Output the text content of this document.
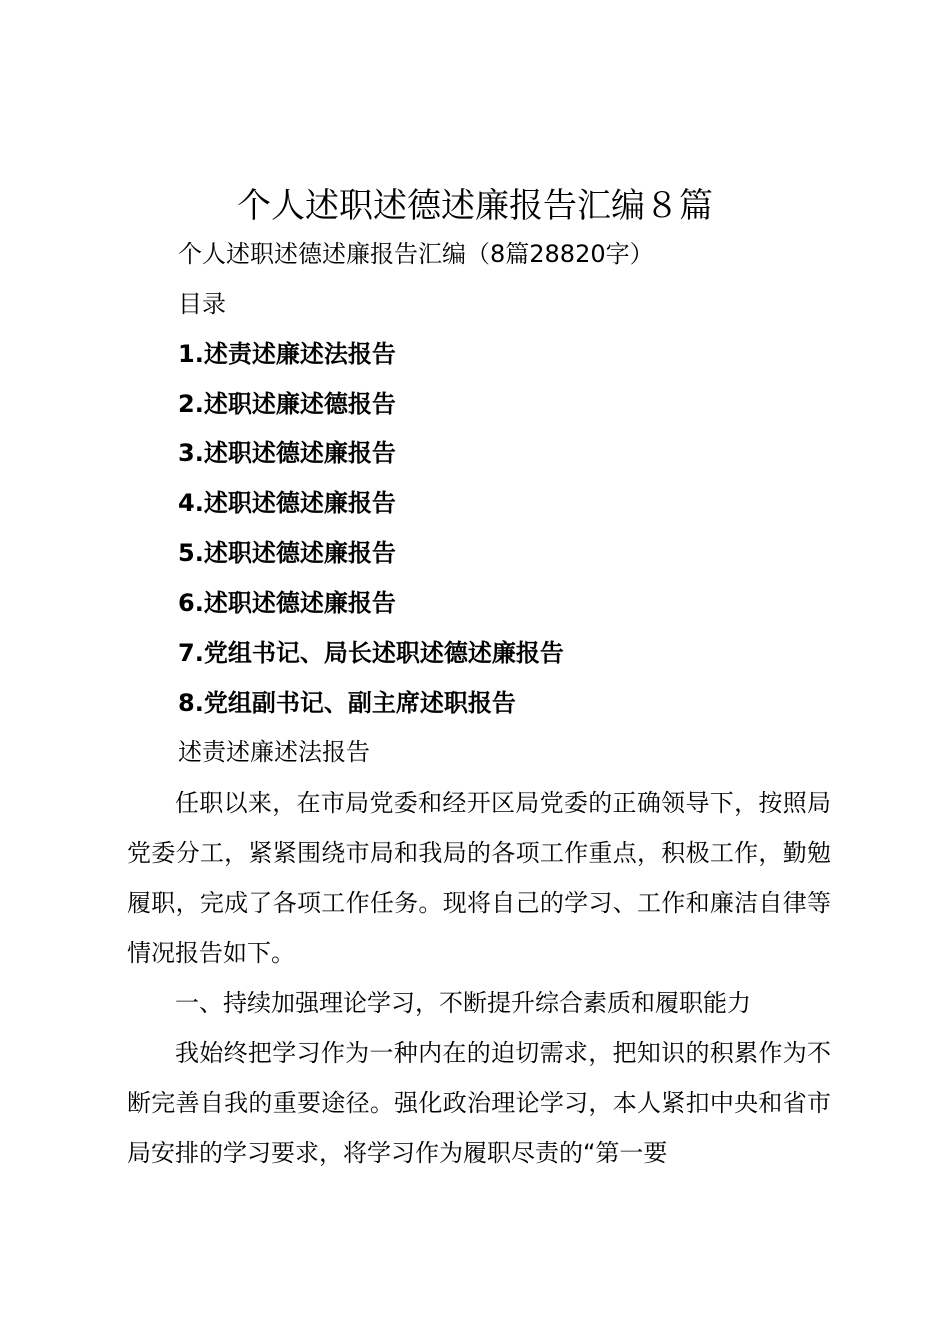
个人述职述德述廉报告汇编８篇
个人述职述德述廉报告汇编（8篇28820字）
目录
1.述责述廉述法报告
2.述职述廉述德报告
3.述职述德述廉报告
4.述职述德述廉报告
5.述职述德述廉报告
6.述职述德述廉报告
7.党组书记、局长述职述德述廉报告
8.党组副书记、副主席述职报告
述责述廉述法报告
任职以来，在市局党委和经开区局党委的正确领导下，按照局党委分工，紧紧围绕市局和我局的各项工作重点，积极工作，勤勉履职，完成了各项工作任务。现将自己的学习、工作和廉洁自律等情况报告如下。
一、持续加强理论学习，不断提升综合素质和履职能力
我始终把学习作为一种内在的迫切需求，把知识的积累作为不断完善自我的重要途径。强化政治理论学习，本人紧扣中央和省市局安排的学习要求，将学习作为履职尽责的“第一要
